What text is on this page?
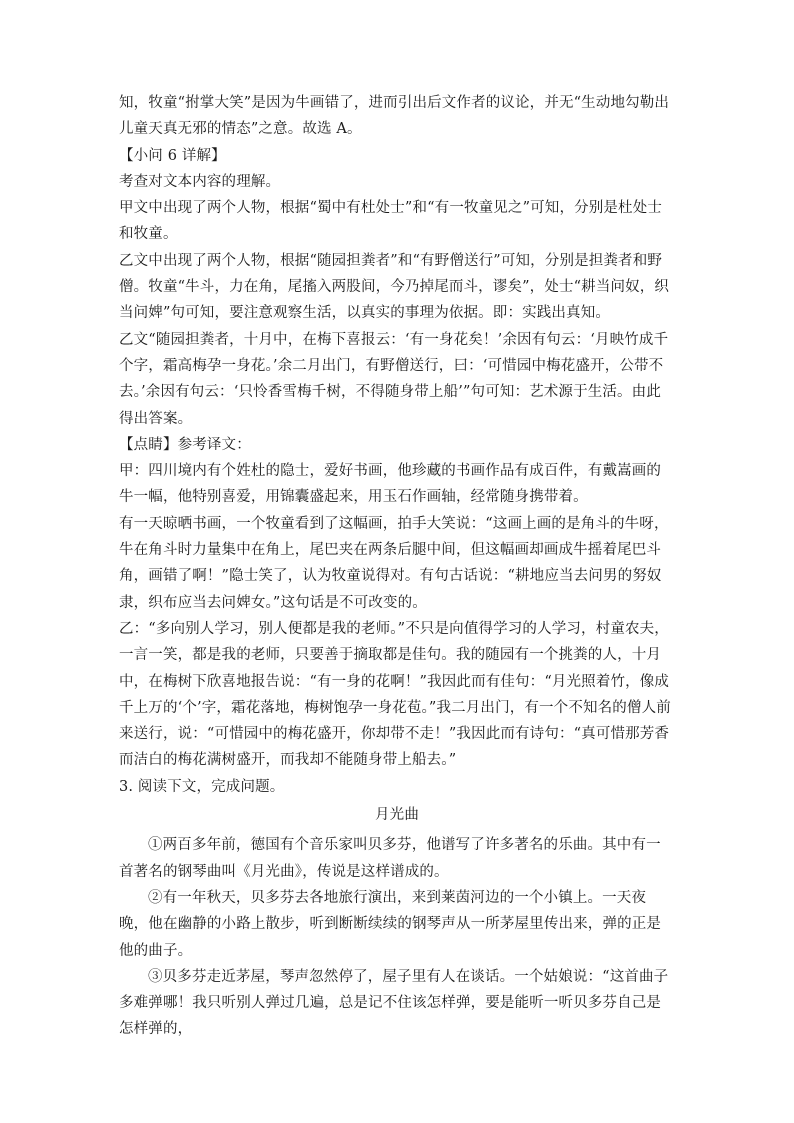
知，牧童“拊掌大笑”是因为牛画错了，进而引出后文作者的议论，并无“生动地勾勒出儿童天真无邪的情态”之意。故选 A。

【小问 6 详解】

考查对文本内容的理解。

甲文中出现了两个人物，根据“蜀中有杜处士”和“有一牧童见之”可知，分别是杜处士和牧童。

乙文中出现了两个人物，根据“随园担粪者”和“有野僧送行”可知，分别是担粪者和野僧。牧童“牛斗，力在角，尾搐入两股间，今乃掉尾而斗，谬矣”，处士“耕当问奴，织当问婢”句可知，要注意观察生活，以真实的事理为依据。即：实践出真知。

乙文“随园担粪者，十月中，在梅下喜报云：‘有一身花矣！’余因有句云：‘月映竹成千个字，霜高梅孕一身花。’余二月出门，有野僧送行，曰：‘可惜园中梅花盛开，公带不去。’余因有句云：‘只怜香雪梅千树，不得随身带上船’”句可知：艺术源于生活。由此得出答案。

【点睛】参考译文：

甲：四川境内有个姓杜的隐士，爱好书画，他珍藏的书画作品有成百件，有戴嵩画的牛一幅，他特别喜爱，用锦囊盛起来，用玉石作画轴，经常随身携带着。

有一天晾晒书画，一个牧童看到了这幅画，拍手大笑说：“这画上画的是角斗的牛呀，牛在角斗时力量集中在角上，尾巴夹在两条后腿中间，但这幅画却画成牛摇着尾巴斗角，画错了啊！”隐士笑了，认为牧童说得对。有句古话说：“耕地应当去问男的努奴隶，织布应当去问婢女。”这句话是不可改变的。

乙：“多向别人学习，别人便都是我的老师。”不只是向值得学习的人学习，村童农夫，一言一笑，都是我的老师，只要善于摘取都是佳句。我的随园有一个挑粪的人，十月中，在梅树下欣喜地报告说：“有一身的花啊！”我因此而有佳句：“月光照着竹，像成千上万的‘个’字，霜花落地，梅树饱孕一身花苞。”我二月出门，有一个不知名的僧人前来送行，说：“可惜园中的梅花盛开，你却带不走！”我因此而有诗句：“真可惜那芳香而洁白的梅花满树盛开，而我却不能随身带上船去。”

3. 阅读下文，完成问题。

月光曲

①两百多年前，德国有个音乐家叫贝多芬，他谱写了许多著名的乐曲。其中有一首著名的钢琴曲叫《月光曲》，传说是这样谱成的。

②有一年秋天，贝多芬去各地旅行演出，来到莱茵河边的一个小镇上。一天夜晚，他在幽静的小路上散步，听到断断续续的钢琴声从一所茅屋里传出来，弹的正是他的曲子。

③贝多芬走近茅屋，琴声忽然停了，屋子里有人在谈话。一个姑娘说：“这首曲子多难弹哪！我只听别人弹过几遍，总是记不住该怎样弹，要是能听一听贝多芬自己是怎样弹的，
